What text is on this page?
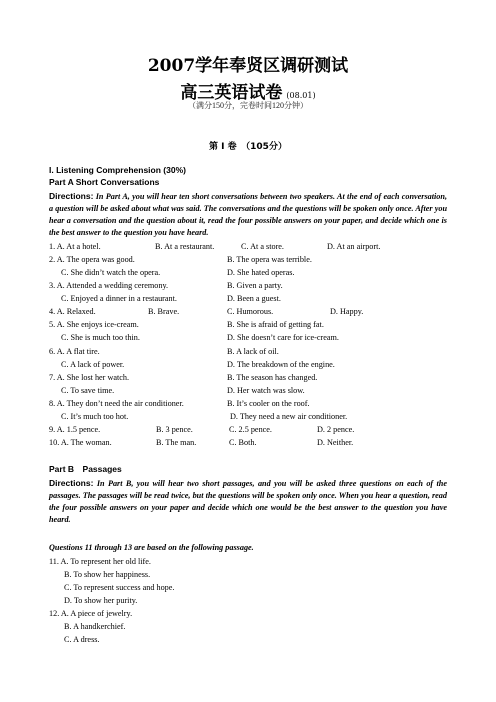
2007学年奉贤区调研测试
高三英语试卷 (08.01)
（满分150分，完卷时间120分钟）
第 I 卷　（105分）
I. Listening Comprehension (30%)
Part A Short Conversations
Directions: In Part A, you will hear ten short conversations between two speakers. At the end of each conversation, a question will be asked about what was said. The conversations and the questions will be spoken only once. After you hear a conversation and the question about it, read the four possible answers on your paper, and decide which one is the best answer to the question you have heard.
1. A. At a hotel.	B. At a restaurant.	C. At a store.	D. At an airport.
2. A. The opera was good.	B. The opera was terrible.
C. She didn’t watch the opera.	D. She hated operas.
3. A. Attended a wedding ceremony.	B. Given a party.
C. Enjoyed a dinner in a restaurant.	D. Been a guest.
4. A. Relaxed.	B. Brave.	C. Humorous.	D. Happy.
5. A. She enjoys ice-cream.	B. She is afraid of getting fat.
C. She is much too thin.	D. She doesn’t care for ice-cream.
6. A. A flat tire.	B. A lack of oil.
C. A lack of power.	D. The breakdown of the engine.
7. A. She lost her watch.	B. The season has changed.
C. To save time.	D. Her watch was slow.
8. A. They don’t need the air conditioner.	B. It’s cooler on the roof.
C. It’s much too hot.	D. They need a new air conditioner.
9. A. 1.5 pence.	B. 3 pence.	C. 2.5 pence.	D. 2 pence.
10. A. The woman.	B. The man.	C. Both.	D. Neither.
Part B　Passages
Directions: In Part B, you will hear two short passages, and you will be asked three questions on each of the passages. The passages will be read twice, but the questions will be spoken only once. When you hear a question, read the four possible answers on your paper and decide which one would be the best answer to the question you have heard.
Questions 11 through 13 are based on the following passage.
11. A. To represent her old life.
B. To show her happiness.
C. To represent success and hope.
D. To show her purity.
12. A. A piece of jewelry.
B. A handkerchief.
C. A dress.
